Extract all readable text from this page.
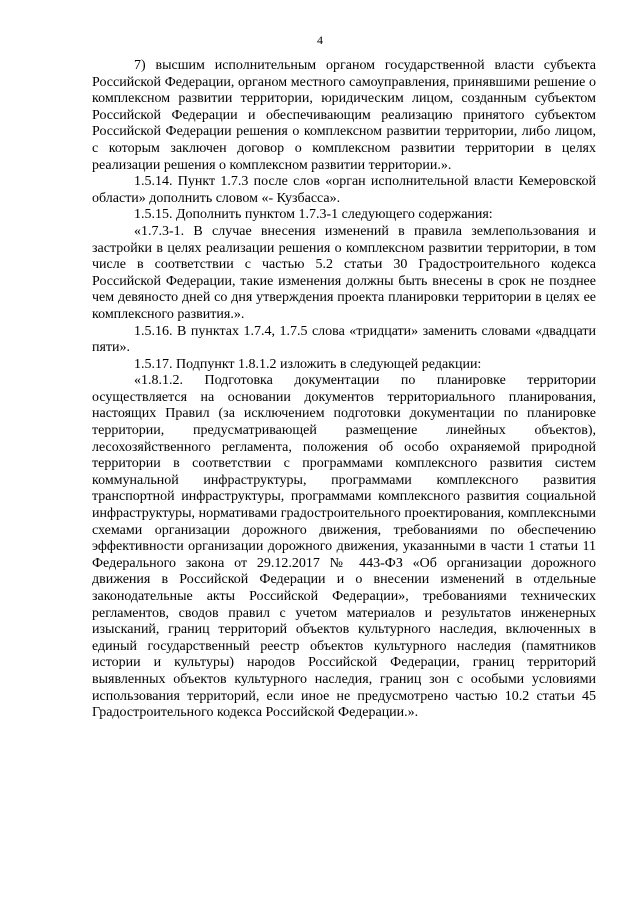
4

7) высшим исполнительным органом государственной власти субъекта Российской Федерации, органом местного самоуправления, принявшими решение о комплексном развитии территории, юридическим лицом, созданным субъектом Российской Федерации и обеспечивающим реализацию принятого субъектом Российской Федерации решения о комплексном развитии территории, либо лицом, с которым заключен договор о комплексном развитии территории в целях реализации решения о комплексном развитии территории.».

1.5.14. Пункт 1.7.3 после слов «орган исполнительной власти Кемеровской области» дополнить словом «- Кузбасса».

1.5.15. Дополнить пунктом 1.7.3-1 следующего содержания:

«1.7.3-1. В случае внесения изменений в правила землепользования и застройки в целях реализации решения о комплексном развитии территории, в том числе в соответствии с частью 5.2 статьи 30 Градостроительного кодекса Российской Федерации, такие изменения должны быть внесены в срок не позднее чем девяносто дней со дня утверждения проекта планировки территории в целях ее комплексного развития.».

1.5.16. В пунктах 1.7.4, 1.7.5 слова «тридцати» заменить словами «двадцати пяти».

1.5.17. Подпункт 1.8.1.2 изложить в следующей редакции:

«1.8.1.2. Подготовка документации по планировке территории осуществляется на основании документов территориального планирования, настоящих Правил (за исключением подготовки документации по планировке территории, предусматривающей размещение линейных объектов), лесохозяйственного регламента, положения об особо охраняемой природной территории в соответствии с программами комплексного развития систем коммунальной инфраструктуры, программами комплексного развития транспортной инфраструктуры, программами комплексного развития социальной инфраструктуры, нормативами градостроительного проектирования, комплексными схемами организации дорожного движения, требованиями по обеспечению эффективности организации дорожного движения, указанными в части 1 статьи 11 Федерального закона от 29.12.2017 № 443-ФЗ «Об организации дорожного движения в Российской Федерации и о внесении изменений в отдельные законодательные акты Российской Федерации», требованиями технических регламентов, сводов правил с учетом материалов и результатов инженерных изысканий, границ территорий объектов культурного наследия, включенных в единый государственный реестр объектов культурного наследия (памятников истории и культуры) народов Российской Федерации, границ территорий выявленных объектов культурного наследия, границ зон с особыми условиями использования территорий, если иное не предусмотрено частью 10.2 статьи 45 Градостроительного кодекса Российской Федерации.».
